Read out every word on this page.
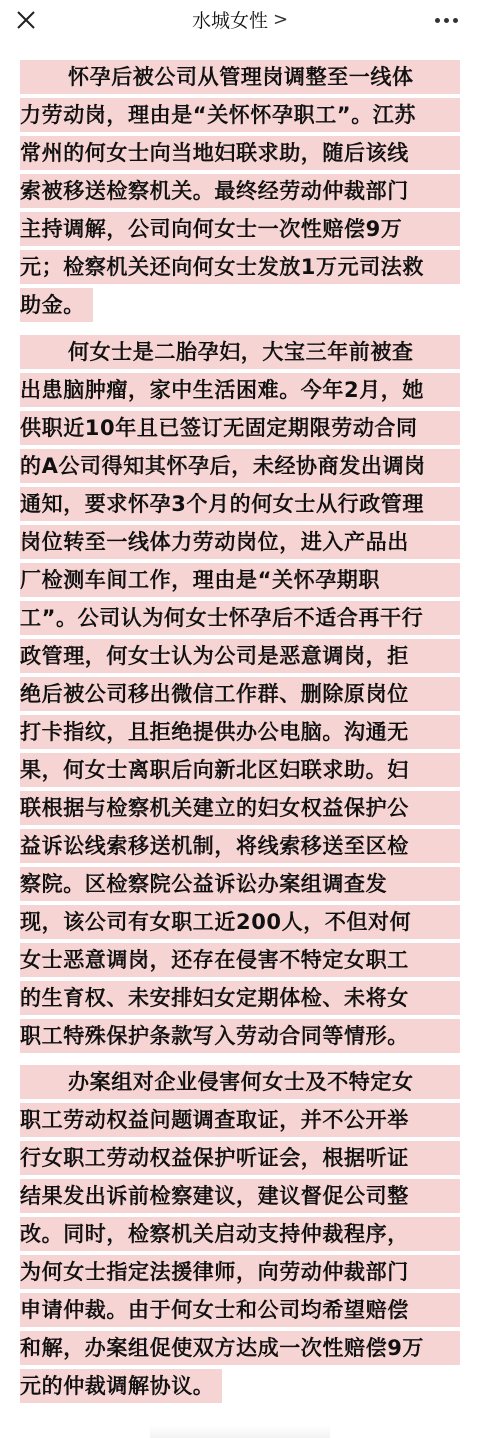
水城女性 >
怀孕后被公司从管理岗调整至一线体
力劳动岗，理由是“关怀怀孕职工”。江苏
常州的何女士向当地妇联求助，随后该线
索被移送检察机关。最终经劳动仲裁部门
主持调解，公司向何女士一次性赔偿9万
元；检察机关还向何女士发放1万元司法救
助金。
何女士是二胎孕妇，大宝三年前被查
出患脑肿瘤，家中生活困难。今年2月，她
供职近10年且已签订无固定期限劳动合同
的A公司得知其怀孕后，未经协商发出调岗
通知，要求怀孕3个月的何女士从行政管理
岗位转至一线体力劳动岗位，进入产品出
厂检测车间工作，理由是“关怀孕期职
工”。公司认为何女士怀孕后不适合再干行
政管理，何女士认为公司是恶意调岗，拒
绝后被公司移出微信工作群、删除原岗位
打卡指纹，且拒绝提供办公电脑。沟通无
果，何女士离职后向新北区妇联求助。妇
联根据与检察机关建立的妇女权益保护公
益诉讼线索移送机制，将线索移送至区检
察院。区检察院公益诉讼办案组调查发
现，该公司有女职工近200人，不但对何
女士恶意调岗，还存在侵害不特定女职工
的生育权、未安排妇女定期体检、未将女
职工特殊保护条款写入劳动合同等情形。
办案组对企业侵害何女士及不特定女
职工劳动权益问题调查取证，并不公开举
行女职工劳动权益保护听证会，根据听证
结果发出诉前检察建议，建议督促公司整
改。同时，检察机关启动支持仲裁程序，
为何女士指定法援律师，向劳动仲裁部门
申请仲裁。由于何女士和公司均希望赔偿
和解，办案组促使双方达成一次性赔偿9万
元的仲裁调解协议。
